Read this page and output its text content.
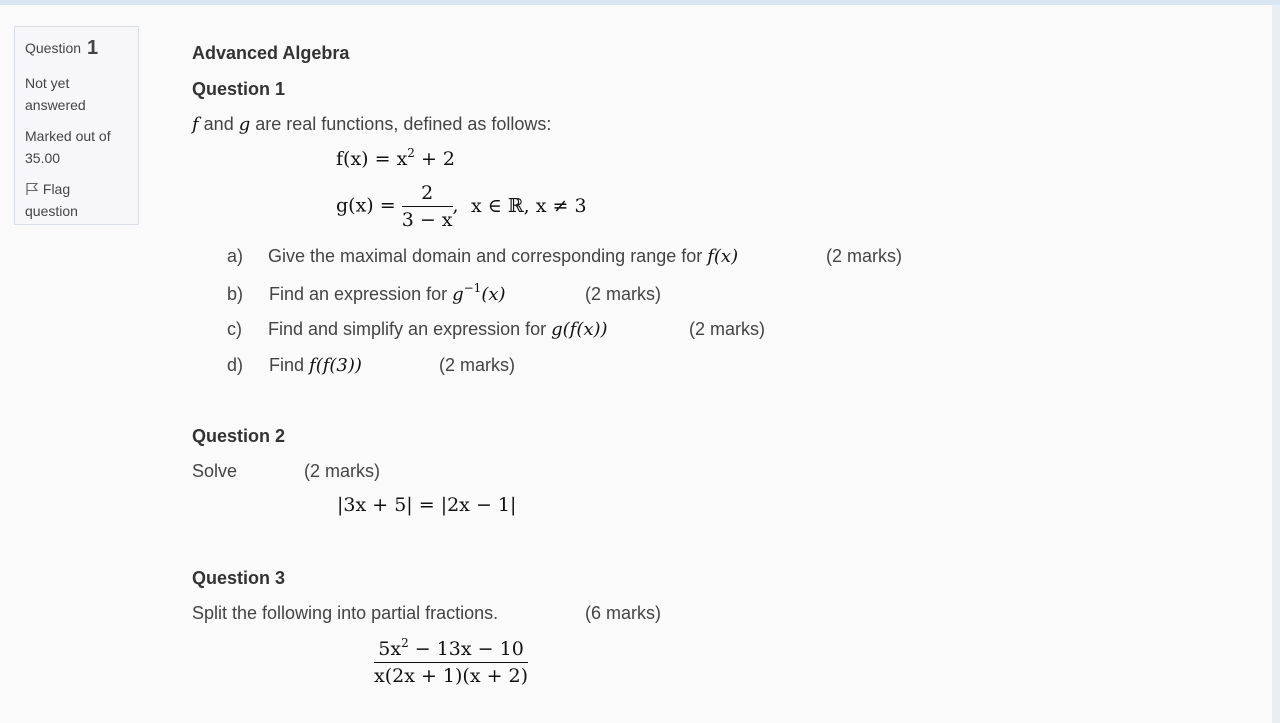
Question 1
Not yet
answered
Marked out of
35.00
Flag
question
Advanced Algebra
Question 1
f and g are real functions, defined as follows:
$f(x) = x^2 + 2$
$g(x) = \frac{2}{3 - x}$ , x ∈ ℝ, x ≠ 3
a) Give the maximal domain and corresponding range for f(x)	(2 marks)
b) Find an expression for $g^{-1}(x)$	(2 marks)
c) Find and simplify an expression for g(f(x))	(2 marks)
d) Find f(f(3))	(2 marks)
Question 2
Solve	(2 marks)
|3x + 5| = |2x − 1|
Question 3
Split the following into partial fractions.	(6 marks)
$\frac{5x^2 - 13x - 10}{x(2x + 1)(x + 2)}$
